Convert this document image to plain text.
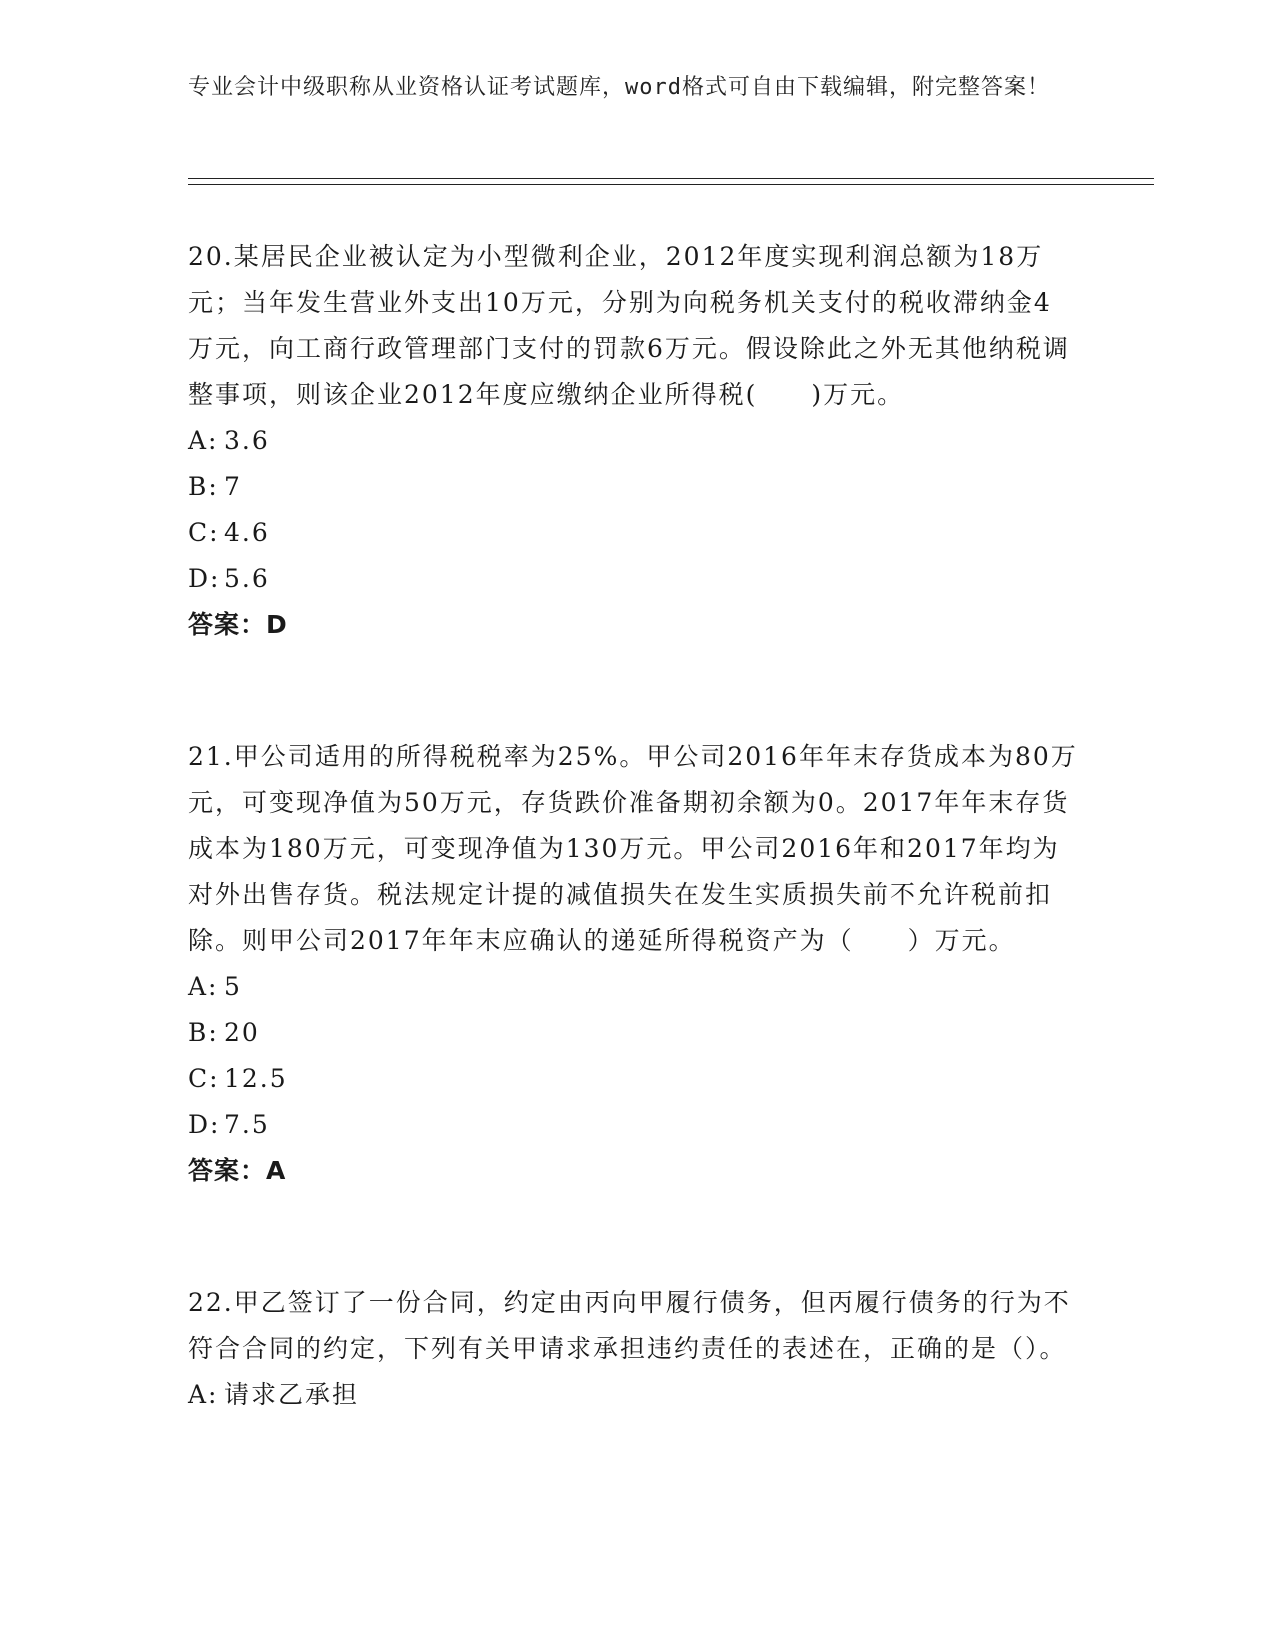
专业会计中级职称从业资格认证考试题库，word格式可自由下载编辑，附完整答案！

20.某居民企业被认定为小型微利企业，2012年度实现利润总额为18万元；当年发生营业外支出10万元，分别为向税务机关支付的税收滞纳金4万元，向工商行政管理部门支付的罚款6万元。假设除此之外无其他纳税调整事项，则该企业2012年度应缴纳企业所得税(　　)万元。

A: 3.6

B: 7

C: 4.6

D: 5.6

答案：D

21.甲公司适用的所得税税率为25%。甲公司2016年年末存货成本为80万元，可变现净值为50万元，存货跌价准备期初余额为0。2017年年末存货成本为180万元，可变现净值为130万元。甲公司2016年和2017年均为对外出售存货。税法规定计提的减值损失在发生实质损失前不允许税前扣除。则甲公司2017年年末应确认的递延所得税资产为（　　）万元。

A: 5

B: 20

C: 12.5

D: 7.5

答案：A

22.甲乙签订了一份合同，约定由丙向甲履行债务，但丙履行债务的行为不符合合同的约定，下列有关甲请求承担违约责任的表述在，正确的是（）。

A: 请求乙承担
